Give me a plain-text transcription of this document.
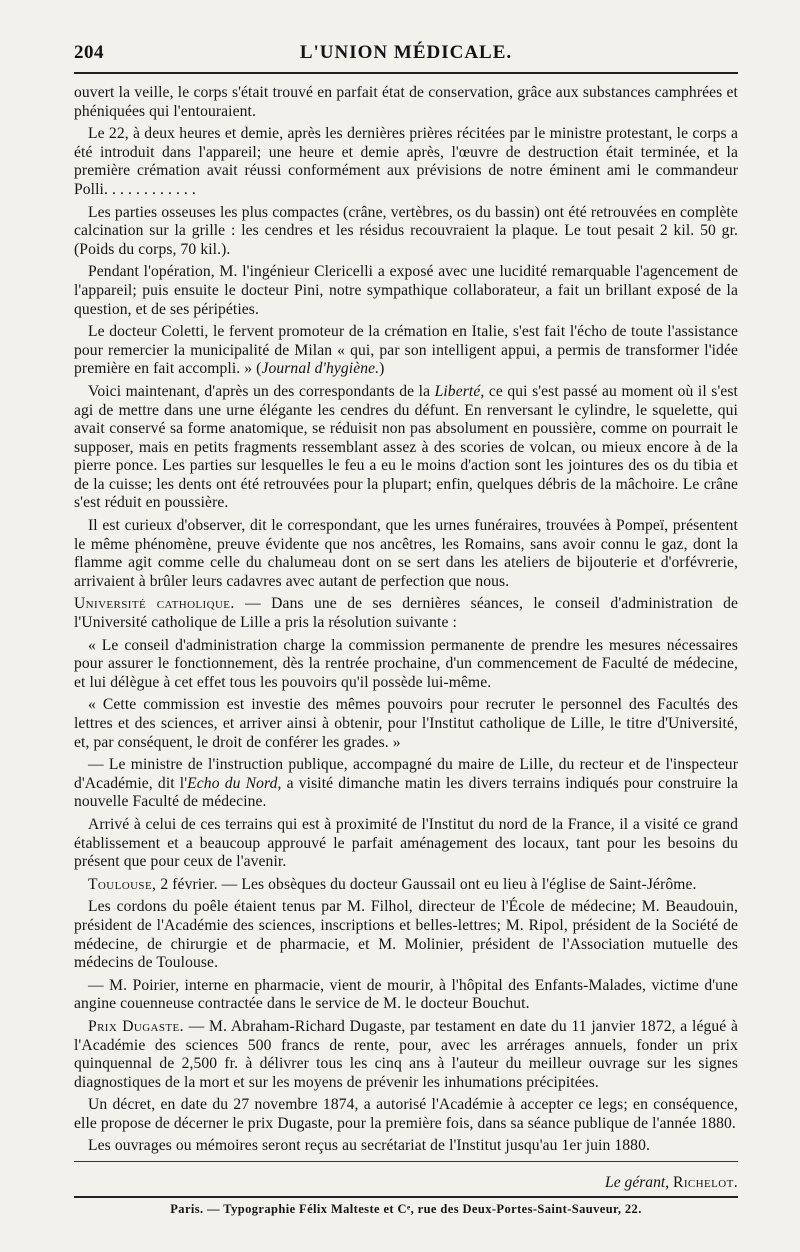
204	L'UNION MÉDICALE.

ouvert la veille, le corps s'était trouvé en parfait état de conservation, grâce aux substances camphrées et phéniquées qui l'entouraient.

Le 22, à deux heures et demie, après les dernières prières récitées par le ministre protestant, le corps a été introduit dans l'appareil; une heure et demie après, l'œuvre de destruction était terminée, et la première crémation avait réussi conformément aux prévisions de notre éminent ami le commandeur Polli. . . . . . . . . . . .

Les parties osseuses les plus compactes (crâne, vertèbres, os du bassin) ont été retrouvées en complète calcination sur la grille : les cendres et les résidus recouvraient la plaque. Le tout pesait 2 kil. 50 gr. (Poids du corps, 70 kil.).

Pendant l'opération, M. l'ingénieur Clericelli a exposé avec une lucidité remarquable l'agencement de l'appareil; puis ensuite le docteur Pini, notre sympathique collaborateur, a fait un brillant exposé de la question, et de ses péripéties.

Le docteur Coletti, le fervent promoteur de la crémation en Italie, s'est fait l'écho de toute l'assistance pour remercier la municipalité de Milan « qui, par son intelligent appui, a permis de transformer l'idée première en fait accompli. » (Journal d'hygiène.)

Voici maintenant, d'après un des correspondants de la Liberté, ce qui s'est passé au moment où il s'est agi de mettre dans une urne élégante les cendres du défunt. En renversant le cylindre, le squelette, qui avait conservé sa forme anatomique, se réduisit non pas absolument en poussière, comme on pourrait le supposer, mais en petits fragments ressemblant assez à des scories de volcan, ou mieux encore à de la pierre ponce. Les parties sur lesquelles le feu a eu le moins d'action sont les jointures des os du tibia et de la cuisse; les dents ont été retrouvées pour la plupart; enfin, quelques débris de la mâchoire. Le crâne s'est réduit en poussière.

Il est curieux d'observer, dit le correspondant, que les urnes funéraires, trouvées à Pompeï, présentent le même phénomène, preuve évidente que nos ancêtres, les Romains, sans avoir connu le gaz, dont la flamme agit comme celle du chalumeau dont on se sert dans les ateliers de bijouterie et d'orfévrerie, arrivaient à brûler leurs cadavres avec autant de perfection que nous.

Université catholique. — Dans une de ses dernières séances, le conseil d'administration de l'Université catholique de Lille a pris la résolution suivante :

« Le conseil d'administration charge la commission permanente de prendre les mesures nécessaires pour assurer le fonctionnement, dès la rentrée prochaine, d'un commencement de Faculté de médecine, et lui délègue à cet effet tous les pouvoirs qu'il possède lui-même.

« Cette commission est investie des mêmes pouvoirs pour recruter le personnel des Facultés des lettres et des sciences, et arriver ainsi à obtenir, pour l'Institut catholique de Lille, le titre d'Université, et, par conséquent, le droit de conférer les grades. »

— Le ministre de l'instruction publique, accompagné du maire de Lille, du recteur et de l'inspecteur d'Académie, dit l'Echo du Nord, a visité dimanche matin les divers terrains indiqués pour construire la nouvelle Faculté de médecine.

Arrivé à celui de ces terrains qui est à proximité de l'Institut du nord de la France, il a visité ce grand établissement et a beaucoup approuvé le parfait aménagement des locaux, tant pour les besoins du présent que pour ceux de l'avenir.

Toulouse, 2 février. — Les obsèques du docteur Gaussail ont eu lieu à l'église de Saint-Jérôme.

Les cordons du poêle étaient tenus par M. Filhol, directeur de l'École de médecine; M. Beaudouin, président de l'Académie des sciences, inscriptions et belles-lettres; M. Ripol, président de la Société de médecine, de chirurgie et de pharmacie, et M. Molinier, président de l'Association mutuelle des médecins de Toulouse.

— M. Poirier, interne en pharmacie, vient de mourir, à l'hôpital des Enfants-Malades, victime d'une angine couenneuse contractée dans le service de M. le docteur Bouchut.

Prix Dugaste. — M. Abraham-Richard Dugaste, par testament en date du 11 janvier 1872, a légué à l'Académie des sciences 500 francs de rente, pour, avec les arrérages annuels, fonder un prix quinquennal de 2,500 fr. à délivrer tous les cinq ans à l'auteur du meilleur ouvrage sur les signes diagnostiques de la mort et sur les moyens de prévenir les inhumations précipitées.

Un décret, en date du 27 novembre 1874, a autorisé l'Académie à accepter ce legs; en conséquence, elle propose de décerner le prix Dugaste, pour la première fois, dans sa séance publique de l'année 1880.

Les ouvrages ou mémoires seront reçus au secrétariat de l'Institut jusqu'au 1er juin 1880.

Le gérant, Richelot.

Paris. — Typographie Félix Malteste et Cᵉ, rue des Deux-Portes-Saint-Sauveur, 22.
